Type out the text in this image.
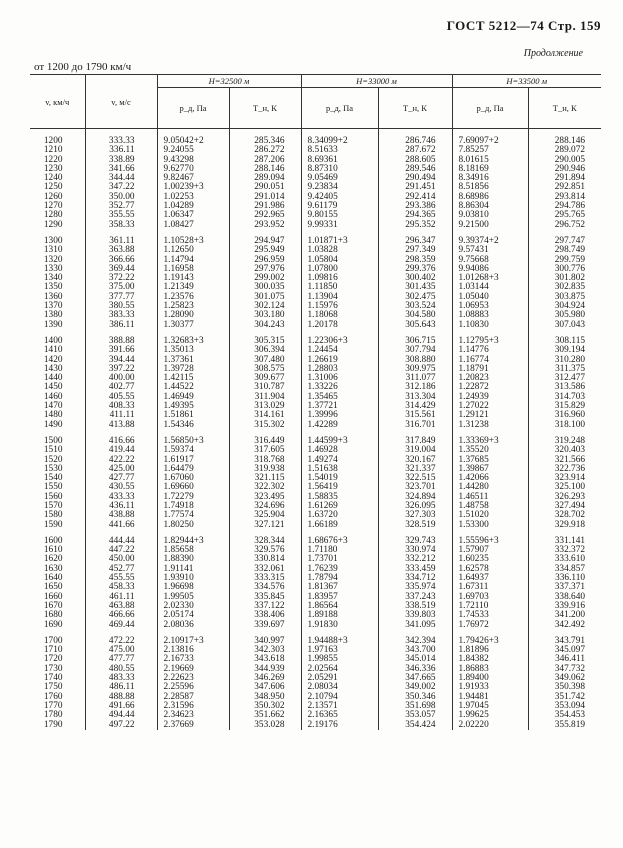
ГОСТ 5212—74 Стр. 159
Продолжение
от 1200 до 1790 км/ч
v, км/ч	v, м/с	H=32500 м		H=33000 м		H=33500 м	
		p_д, Па	T_н, К	p_д, Па	T_н, К	p_д, Па	T_н, К

1200	333.33	9.05042+2	285.346	8.34099+2	286.746	7.69097+2	288.146
1210	336.11	9.24055	286.272	8.51633	287.672	7.85257	289.072
1220	338.89	9.43298	287.206	8.69361	288.605	8.01615	290.005
1230	341.66	9.62770	288.146	8.87310	289.546	8.18169	290.946
1240	344.44	9.82467	289.094	9.05469	290.494	8.34916	291.894
1250	347.22	1.00239+3	290.051	9.23834	291.451	8.51856	292.851
1260	350.00	1.02253	291.014	9.42405	292.414	8.68986	293.814
1270	352.77	1.04289	291.986	9.61179	293.386	8.86304	294.786
1280	355.55	1.06347	292.965	9.80155	294.365	9.03810	295.765
1290	358.33	1.08427	293.952	9.99331	295.352	9.21500	296.752

1300	361.11	1.10528+3	294.947	1.01871+3	296.347	9.39374+2	297.747
1310	363.88	1.12650	295.949	1.03828	297.349	9.57431	298.749
1320	366.66	1.14794	296.959	1.05804	298.359	9.75668	299.759
1330	369.44	1.16958	297.976	1.07800	299.376	9.94086	300.776
1340	372.22	1.19143	299.002	1.09816	300.402	1.01268+3	301.802
1350	375.00	1.21349	300.035	1.11850	301.435	1.03144	302.835
1360	377.77	1.23576	301.075	1.13904	302.475	1.05040	303.875
1370	380.55	1.25823	302.124	1.15976	303.524	1.06953	304.924
1380	383.33	1.28090	303.180	1.18068	304.580	1.08883	305.980
1390	386.11	1.30377	304.243	1.20178	305.643	1.10830	307.043

1400	388.88	1.32683+3	305.315	1.22306+3	306.715	1.12795+3	308.115
1410	391.66	1.35013	306.394	1.24454	307.794	1.14776	309.194
1420	394.44	1.37361	307.480	1.26619	308.880	1.16774	310.280
1430	397.22	1.39728	308.575	1.28803	309.975	1.18791	311.375
1440	400.00	1.42115	309.677	1.31006	311.077	1.20823	312.477
1450	402.77	1.44522	310.787	1.33226	312.186	1.22872	313.586
1460	405.55	1.46949	311.904	1.35465	313.304	1.24939	314.703
1470	408.33	1.49395	313.029	1.37721	314.429	1.27022	315.829
1480	411.11	1.51861	314.161	1.39996	315.561	1.29121	316.960
1490	413.88	1.54346	315.302	1.42289	316.701	1.31238	318.100

1500	416.66	1.56850+3	316.449	1.44599+3	317.849	1.33369+3	319.248
1510	419.44	1.59374	317.605	1.46928	319.004	1.35520	320.403
1520	422.22	1.61917	318.768	1.49274	320.167	1.37685	321.566
1530	425.00	1.64479	319.938	1.51638	321.337	1.39867	322.736
1540	427.77	1.67060	321.115	1.54019	322.515	1.42066	323.914
1550	430.55	1.69660	322.302	1.56419	323.701	1.44280	325.100
1560	433.33	1.72279	323.495	1.58835	324.894	1.46511	326.293
1570	436.11	1.74918	324.696	1.61269	326.095	1.48758	327.494
1580	438.88	1.77574	325.904	1.63720	327.303	1.51020	328.702
1590	441.66	1.80250	327.121	1.66189	328.519	1.53300	329.918

1600	444.44	1.82944+3	328.344	1.68676+3	329.743	1.55596+3	331.141
1610	447.22	1.85658	329.576	1.71180	330.974	1.57907	332.372
1620	450.00	1.88390	330.814	1.73701	332.212	1.60235	333.610
1630	452.77	1.91141	332.061	1.76239	333.459	1.62578	334.857
1640	455.55	1.93910	333.315	1.78794	334.712	1.64937	336.110
1650	458.33	1.96698	334.576	1.81367	335.974	1.67311	337.371
1660	461.11	1.99505	335.845	1.83957	337.243	1.69703	338.640
1670	463.88	2.02330	337.122	1.86564	338.519	1.72110	339.916
1680	466.66	2.05174	338.406	1.89188	339.803	1.74533	341.200
1690	469.44	2.08036	339.697	1.91830	341.095	1.76972	342.492

1700	472.22	2.10917+3	340.997	1.94488+3	342.394	1.79426+3	343.791
1710	475.00	2.13816	342.303	1.97163	343.700	1.81896	345.097
1720	477.77	2.16733	343.618	1.99855	345.014	1.84382	346.411
1730	480.55	2.19669	344.939	2.02564	346.336	1.86883	347.732
1740	483.33	2.22623	346.269	2.05291	347.665	1.89400	349.062
1750	486.11	2.25596	347.606	2.08034	349.002	1.91933	350.398
1760	488.88	2.28587	348.950	2.10794	350.346	1.94481	351.742
1770	491.66	2.31596	350.302	2.13571	351.698	1.97045	353.094
1780	494.44	2.34623	351.662	2.16365	353.057	1.99625	354.453
1790	497.22	2.37669	353.028	2.19176	354.424	2.02220	355.819
